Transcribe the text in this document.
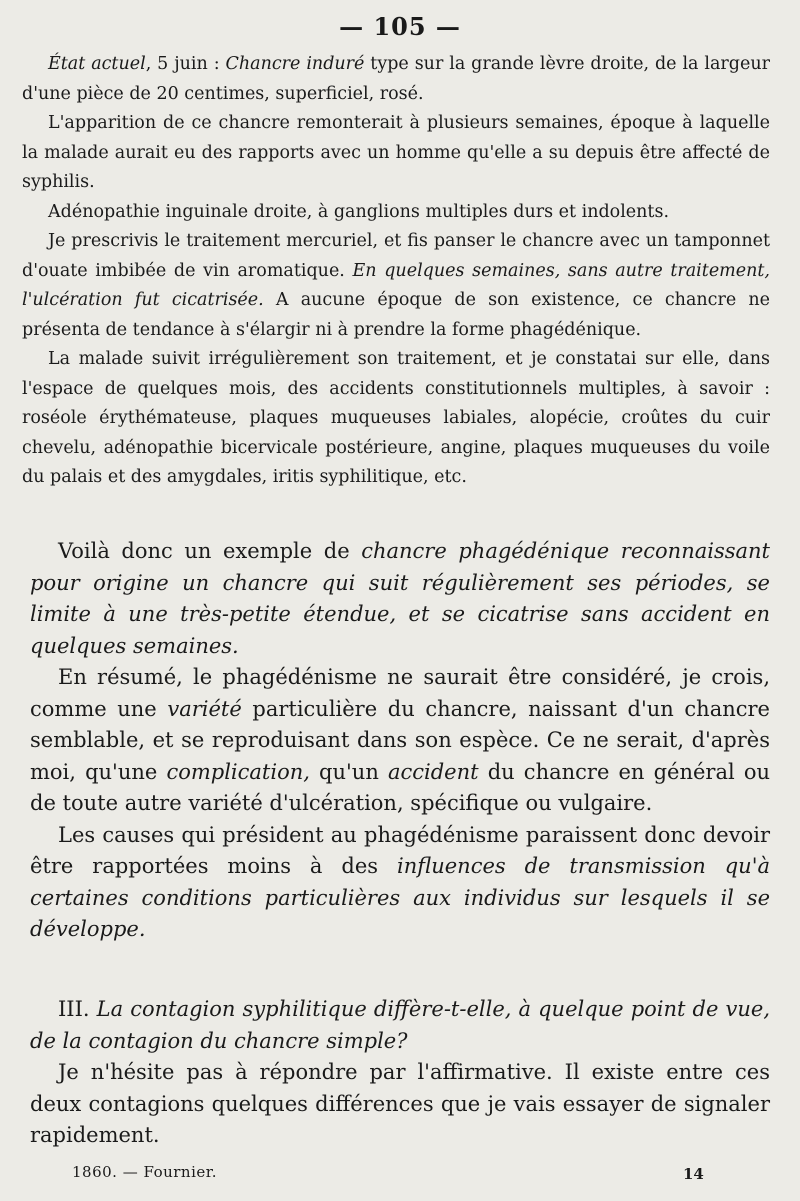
— 105 —

État actuel, 5 juin : Chancre induré type sur la grande lèvre droite, de la largeur d'une pièce de 20 centimes, superficiel, rosé.

L'apparition de ce chancre remonterait à plusieurs semaines, époque à laquelle la malade aurait eu des rapports avec un homme qu'elle a su depuis être affecté de syphilis.

Adénopathie inguinale droite, à ganglions multiples durs et indolents.

Je prescrivis le traitement mercuriel, et fis panser le chancre avec un tamponnet d'ouate imbibée de vin aromatique. En quelques semaines, sans autre traitement, l'ulcération fut cicatrisée. A aucune époque de son existence, ce chancre ne présenta de tendance à s'élargir ni à prendre la forme phagédénique.

La malade suivit irrégulièrement son traitement, et je constatai sur elle, dans l'espace de quelques mois, des accidents constitutionnels multiples, à savoir : roséole érythémateuse, plaques muqueuses labiales, alopécie, croûtes du cuir chevelu, adénopathie bicervicale postérieure, angine, plaques muqueuses du voile du palais et des amygdales, iritis syphilitique, etc.

Voilà donc un exemple de chancre phagédénique reconnaissant pour origine un chancre qui suit régulièrement ses périodes, se limite à une très-petite étendue, et se cicatrise sans accident en quelques semaines.

En résumé, le phagédénisme ne saurait être considéré, je crois, comme une variété particulière du chancre, naissant d'un chancre semblable, et se reproduisant dans son espèce. Ce ne serait, d'après moi, qu'une complication, qu'un accident du chancre en général ou de toute autre variété d'ulcération, spécifique ou vulgaire.

Les causes qui président au phagédénisme paraissent donc devoir être rapportées moins à des influences de transmission qu'à certaines conditions particulières aux individus sur lesquels il se développe.

III. La contagion syphilitique diffère-t-elle, à quelque point de vue, de la contagion du chancre simple?

Je n'hésite pas à répondre par l'affirmative. Il existe entre ces deux contagions quelques différences que je vais essayer de signaler rapidement.

1860. — Fournier.	14
